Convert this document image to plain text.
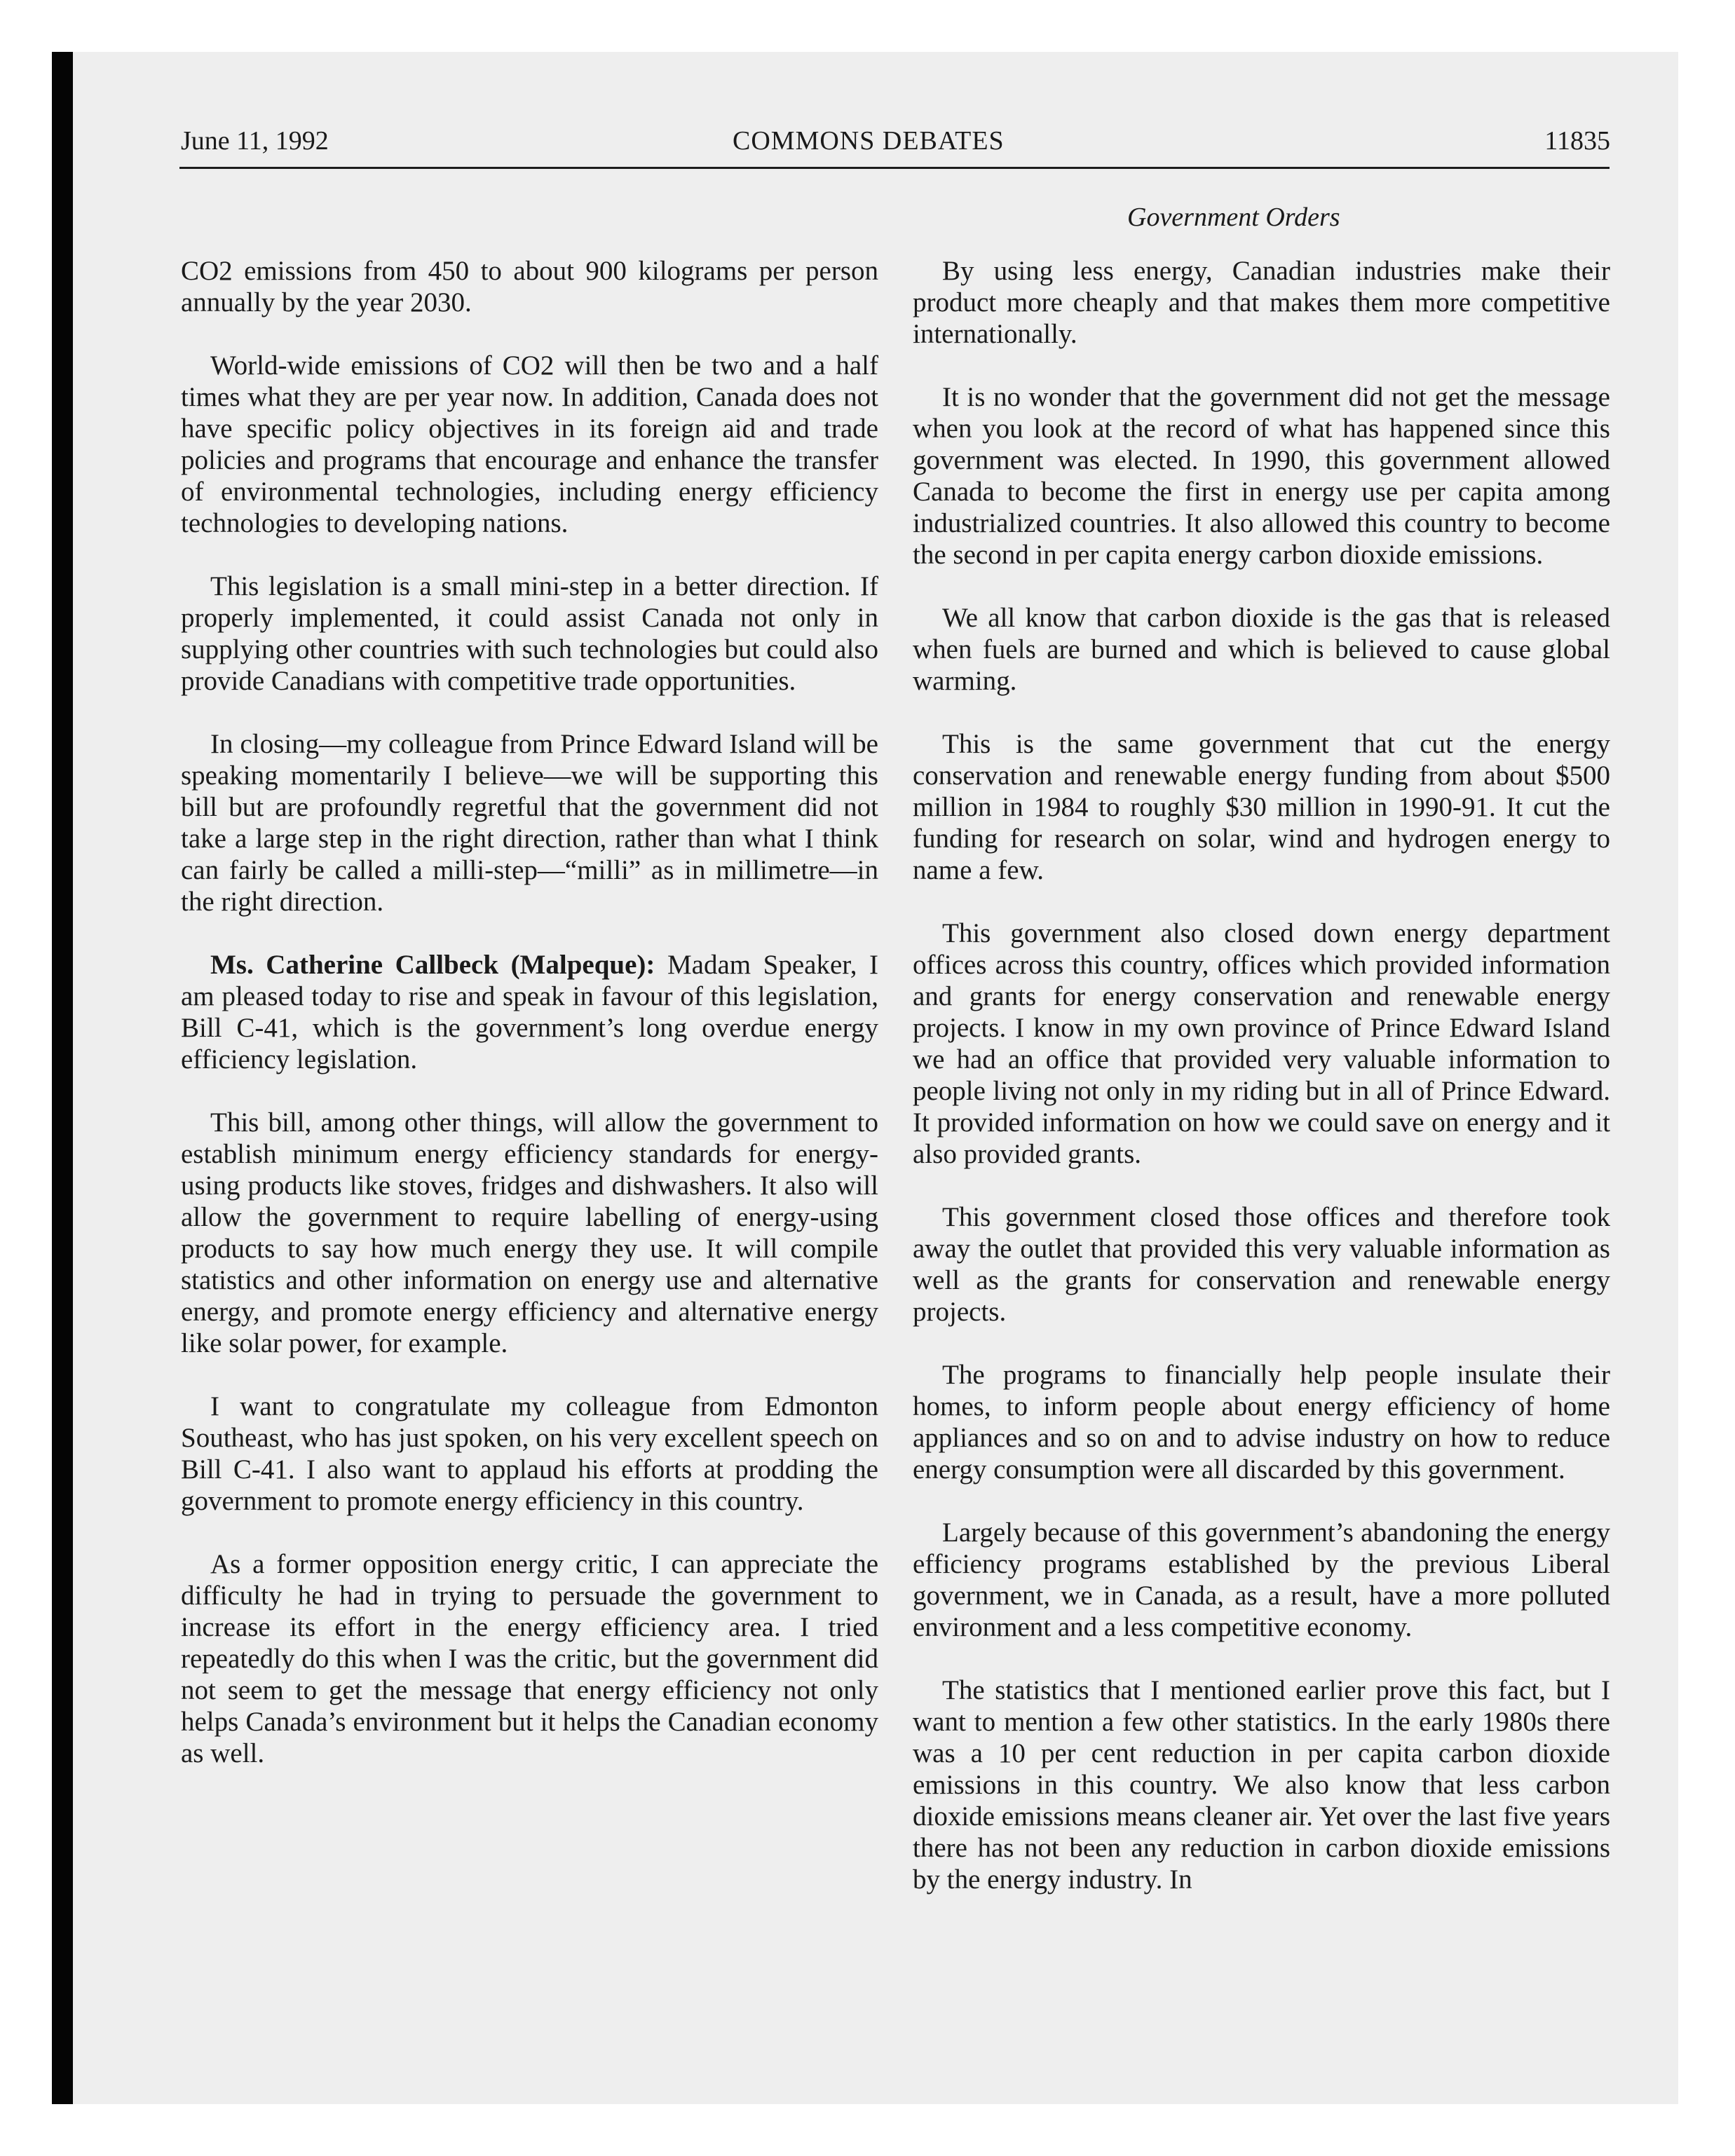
June 11, 1992	COMMONS DEBATES	11835
Government Orders

CO2 emissions from 450 to about 900 kilograms per person annually by the year 2030.

World-wide emissions of CO2 will then be two and a half times what they are per year now. In addition, Canada does not have specific policy objectives in its foreign aid and trade policies and programs that encourage and enhance the transfer of environmental technologies, including energy efficiency technologies to developing nations.

This legislation is a small mini-step in a better direction. If properly implemented, it could assist Canada not only in supplying other countries with such technologies but could also provide Canadians with competitive trade opportunities.

In closing—my colleague from Prince Edward Island will be speaking momentarily I believe—we will be supporting this bill but are profoundly regretful that the government did not take a large step in the right direction, rather than what I think can fairly be called a milli-step—“milli” as in millimetre—in the right direction.

Ms. Catherine Callbeck (Malpeque): Madam Speaker, I am pleased today to rise and speak in favour of this legislation, Bill C-41, which is the government’s long overdue energy efficiency legislation.

This bill, among other things, will allow the government to establish minimum energy efficiency standards for energy-using products like stoves, fridges and dishwashers. It also will allow the government to require labelling of energy-using products to say how much energy they use. It will compile statistics and other information on energy use and alternative energy, and promote energy efficiency and alternative energy like solar power, for example.

I want to congratulate my colleague from Edmonton Southeast, who has just spoken, on his very excellent speech on Bill C-41. I also want to applaud his efforts at prodding the government to promote energy efficiency in this country.

As a former opposition energy critic, I can appreciate the difficulty he had in trying to persuade the government to increase its effort in the energy efficiency area. I tried repeatedly do this when I was the critic, but the government did not seem to get the message that energy efficiency not only helps Canada’s environment but it helps the Canadian economy as well.

By using less energy, Canadian industries make their product more cheaply and that makes them more competitive internationally.

It is no wonder that the government did not get the message when you look at the record of what has happened since this government was elected. In 1990, this government allowed Canada to become the first in energy use per capita among industrialized countries. It also allowed this country to become the second in per capita energy carbon dioxide emissions.

We all know that carbon dioxide is the gas that is released when fuels are burned and which is believed to cause global warming.

This is the same government that cut the energy conservation and renewable energy funding from about $500 million in 1984 to roughly $30 million in 1990-91. It cut the funding for research on solar, wind and hydrogen energy to name a few.

This government also closed down energy department offices across this country, offices which provided information and grants for energy conservation and renewable energy projects. I know in my own province of Prince Edward Island we had an office that provided very valuable information to people living not only in my riding but in all of Prince Edward. It provided information on how we could save on energy and it also provided grants.

This government closed those offices and therefore took away the outlet that provided this very valuable information as well as the grants for conservation and renewable energy projects.

The programs to financially help people insulate their homes, to inform people about energy efficiency of home appliances and so on and to advise industry on how to reduce energy consumption were all discarded by this government.

Largely because of this government’s abandoning the energy efficiency programs established by the previous Liberal government, we in Canada, as a result, have a more polluted environment and a less competitive economy.

The statistics that I mentioned earlier prove this fact, but I want to mention a few other statistics. In the early 1980s there was a 10 per cent reduction in per capita carbon dioxide emissions in this country. We also know that less carbon dioxide emissions means cleaner air. Yet over the last five years there has not been any reduction in carbon dioxide emissions by the energy industry. In
